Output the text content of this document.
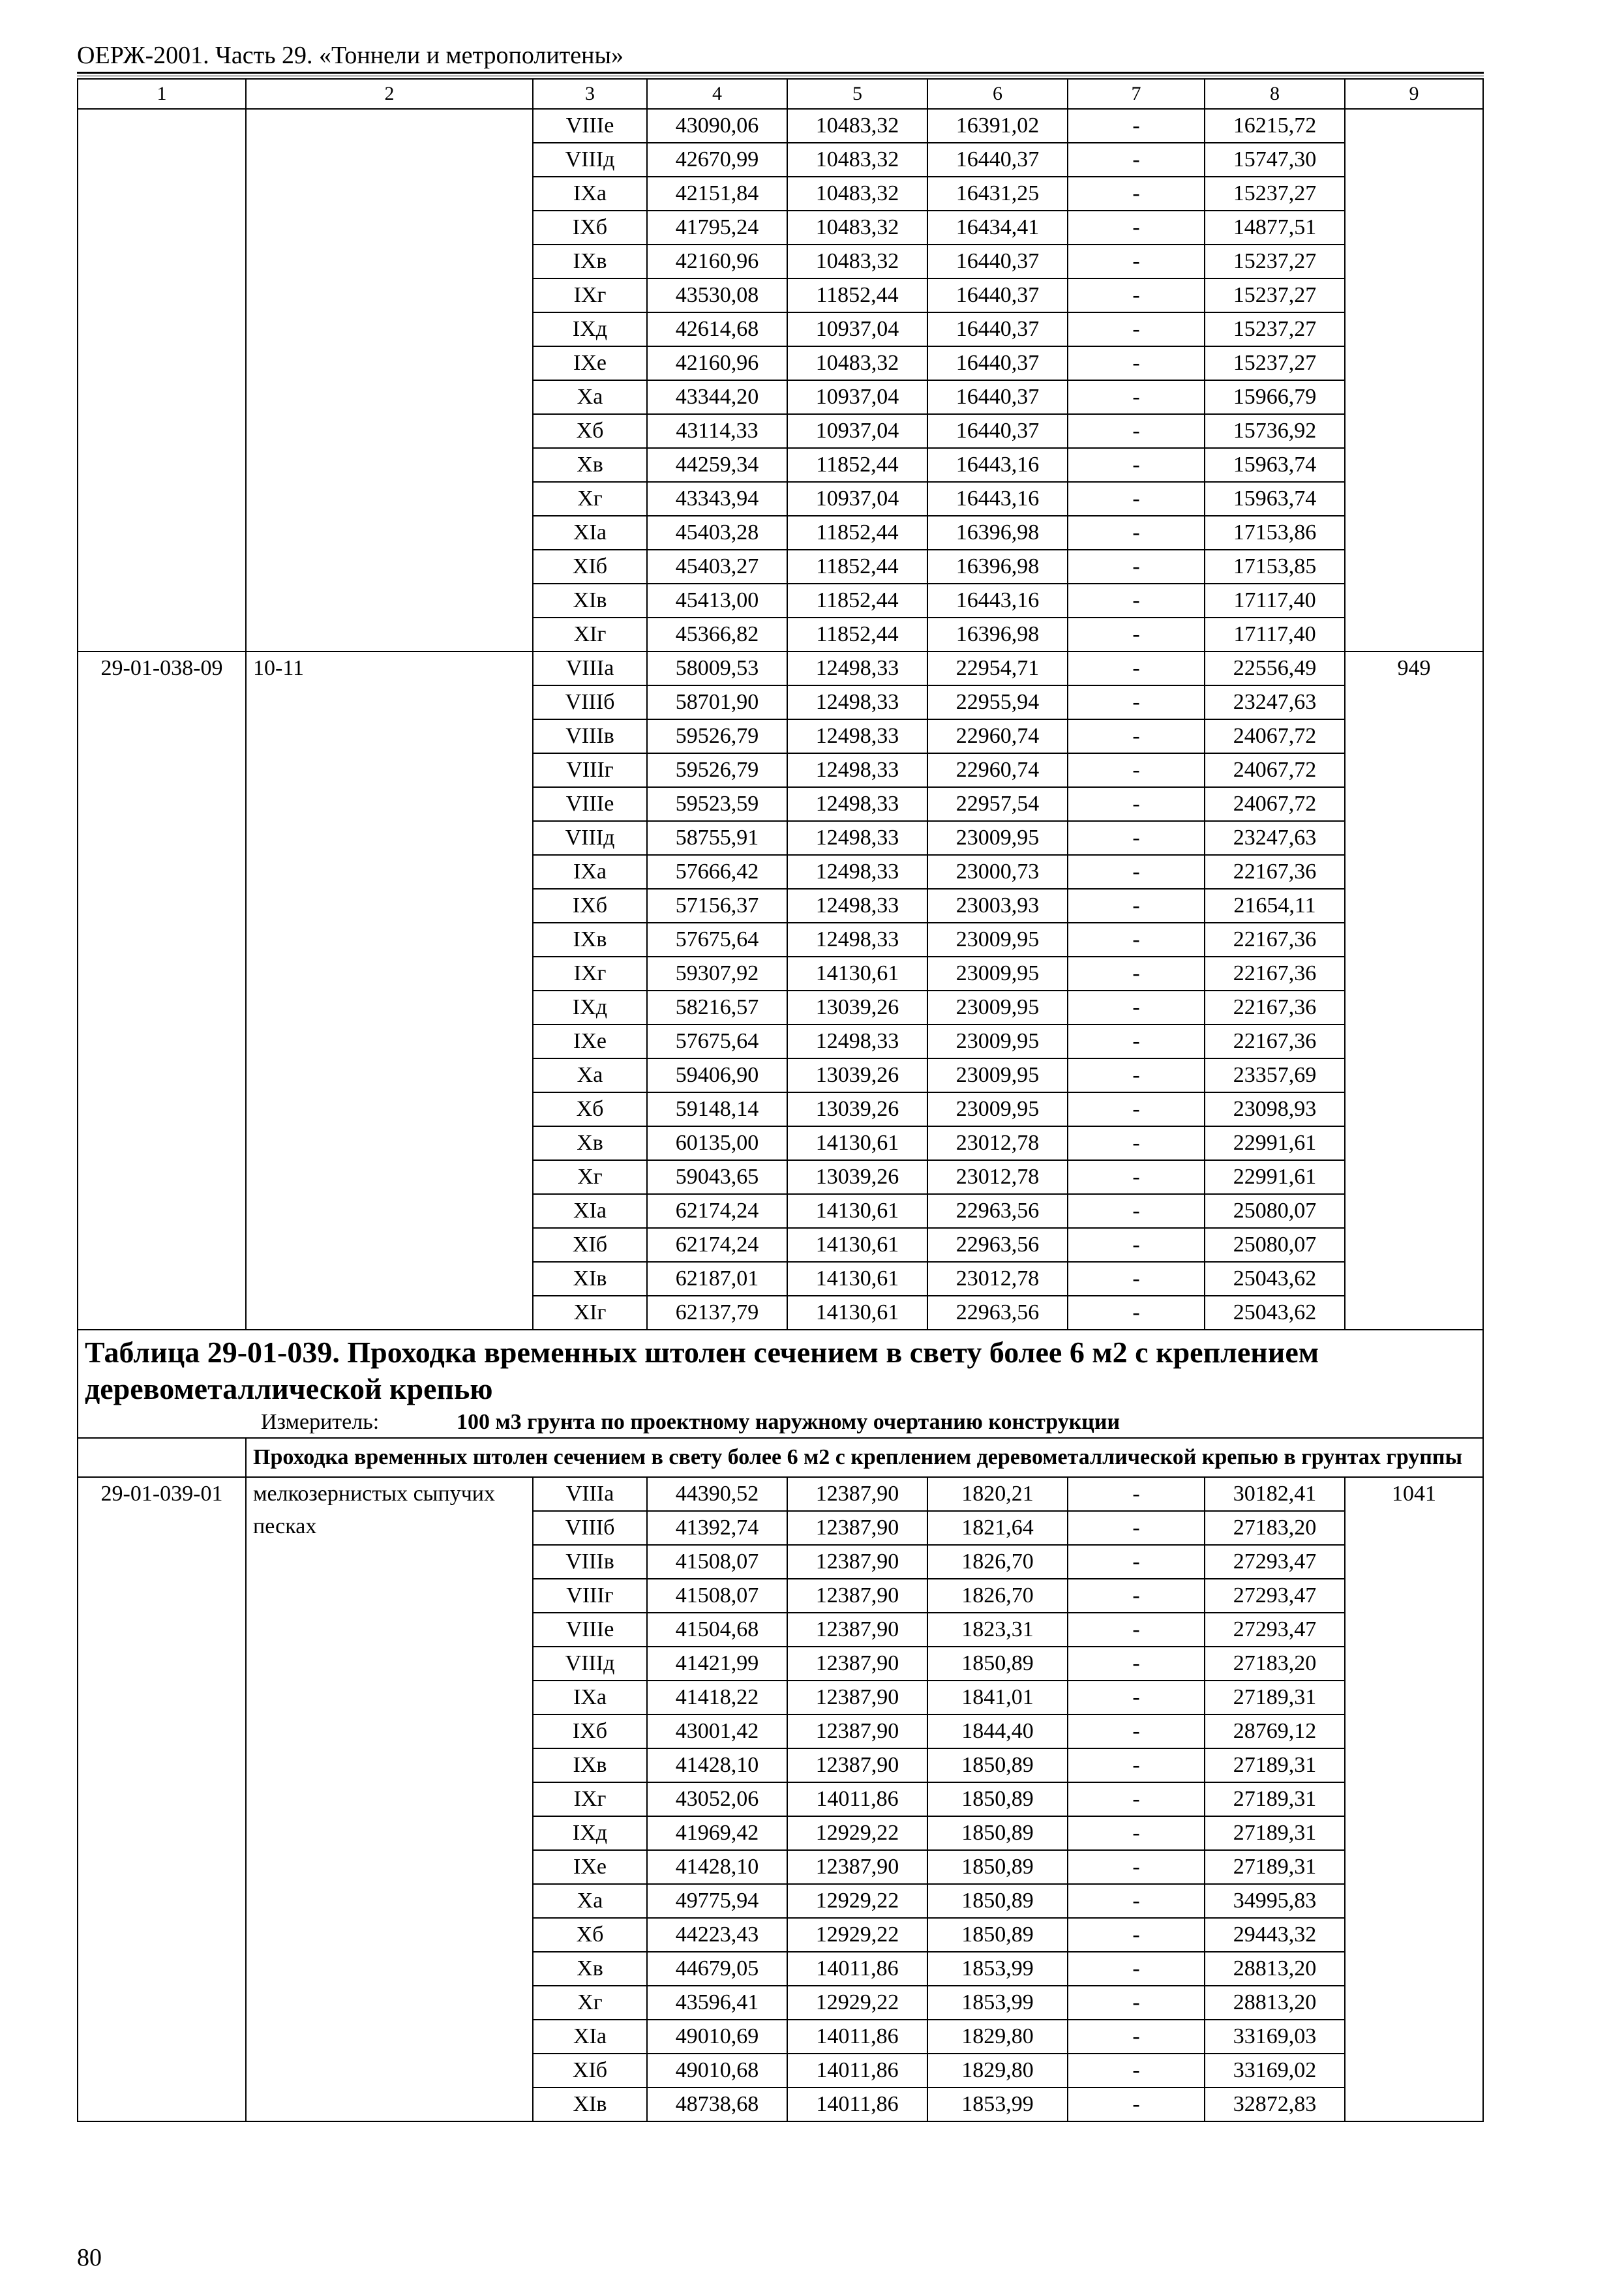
ОЕРЖ-2001. Часть 29. «Тоннели и метрополитены»
1	2	3	4	5	6	7	8	9
		VIIIе	43090,06	10483,32	16391,02	-	16215,72	
		VIIIд	42670,99	10483,32	16440,37	-	15747,30	
		IXа	42151,84	10483,32	16431,25	-	15237,27	
		IXб	41795,24	10483,32	16434,41	-	14877,51	
		IXв	42160,96	10483,32	16440,37	-	15237,27	
		IXг	43530,08	11852,44	16440,37	-	15237,27	
		IXд	42614,68	10937,04	16440,37	-	15237,27	
		IXе	42160,96	10483,32	16440,37	-	15237,27	
		Xа	43344,20	10937,04	16440,37	-	15966,79	
		Xб	43114,33	10937,04	16440,37	-	15736,92	
		Xв	44259,34	11852,44	16443,16	-	15963,74	
		Xг	43343,94	10937,04	16443,16	-	15963,74	
		XIа	45403,28	11852,44	16396,98	-	17153,86	
		XIб	45403,27	11852,44	16396,98	-	17153,85	
		XIв	45413,00	11852,44	16443,16	-	17117,40	
		XIг	45366,82	11852,44	16396,98	-	17117,40	
29-01-038-09	10-11	VIIIа	58009,53	12498,33	22954,71	-	22556,49	949
		VIIIб	58701,90	12498,33	22955,94	-	23247,63	
		VIIIв	59526,79	12498,33	22960,74	-	24067,72	
		VIIIг	59526,79	12498,33	22960,74	-	24067,72	
		VIIIе	59523,59	12498,33	22957,54	-	24067,72	
		VIIIд	58755,91	12498,33	23009,95	-	23247,63	
		IXа	57666,42	12498,33	23000,73	-	22167,36	
		IXб	57156,37	12498,33	23003,93	-	21654,11	
		IXв	57675,64	12498,33	23009,95	-	22167,36	
		IXг	59307,92	14130,61	23009,95	-	22167,36	
		IXд	58216,57	13039,26	23009,95	-	22167,36	
		IXе	57675,64	12498,33	23009,95	-	22167,36	
		Xа	59406,90	13039,26	23009,95	-	23357,69	
		Xб	59148,14	13039,26	23009,95	-	23098,93	
		Xв	60135,00	14130,61	23012,78	-	22991,61	
		Xг	59043,65	13039,26	23012,78	-	22991,61	
		XIа	62174,24	14130,61	22963,56	-	25080,07	
		XIб	62174,24	14130,61	22963,56	-	25080,07	
		XIв	62187,01	14130,61	23012,78	-	25043,62	
		XIг	62137,79	14130,61	22963,56	-	25043,62	

Таблица 29-01-039. Проходка временных штолен сечением в свету более 6 м2 с креплением деревометаллической крепью
Измеритель: 100 м3 грунта по проектному наружному очертанию конструкции								

	Проходка временных штолен сечением в свету более 6 м2 с креплением деревометаллической крепью в грунтах группы							
29-01-039-01	мелкозернистых сыпучих песках	VIIIа	44390,52	12387,90	1820,21	-	30182,41	1041
		VIIIб	41392,74	12387,90	1821,64	-	27183,20	
		VIIIв	41508,07	12387,90	1826,70	-	27293,47	
		VIIIг	41508,07	12387,90	1826,70	-	27293,47	
		VIIIе	41504,68	12387,90	1823,31	-	27293,47	
		VIIIд	41421,99	12387,90	1850,89	-	27183,20	
		IXа	41418,22	12387,90	1841,01	-	27189,31	
		IXб	43001,42	12387,90	1844,40	-	28769,12	
		IXв	41428,10	12387,90	1850,89	-	27189,31	
		IXг	43052,06	14011,86	1850,89	-	27189,31	
		IXд	41969,42	12929,22	1850,89	-	27189,31	
		IXе	41428,10	12387,90	1850,89	-	27189,31	
		Xа	49775,94	12929,22	1850,89	-	34995,83	
		Xб	44223,43	12929,22	1850,89	-	29443,32	
		Xв	44679,05	14011,86	1853,99	-	28813,20	
		Xг	43596,41	12929,22	1853,99	-	28813,20	
		XIа	49010,69	14011,86	1829,80	-	33169,03	
		XIб	49010,68	14011,86	1829,80	-	33169,02	
		XIв	48738,68	14011,86	1853,99	-	32872,83	
80
